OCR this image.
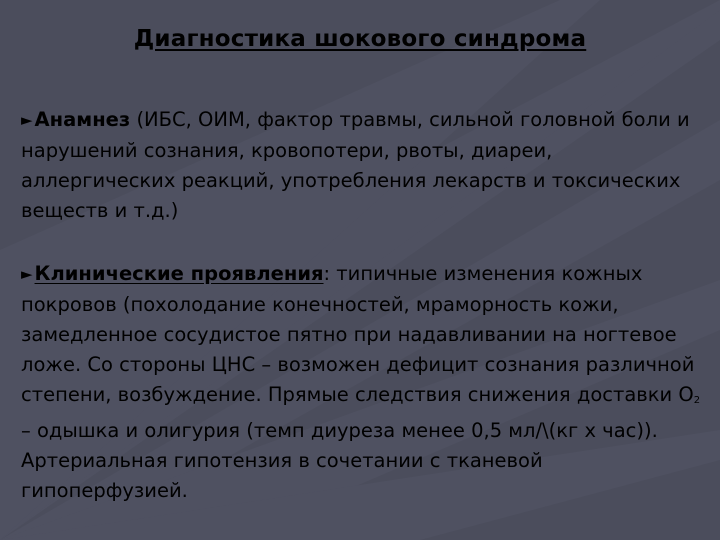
Диагностика шокового синдрома
► Анамнез (ИБС, ОИМ, фактор травмы, сильной головной боли и нарушений сознания, кровопотери, рвоты, диареи, аллергических реакций, употребления лекарств и токсических веществ и т.д.)
► Клинические проявления: типичные изменения кожных покровов (похолодание конечностей, мраморность кожи, замедленное сосудистое пятно при надавливании на ногтевое ложе. Со стороны ЦНС – возможен дефицит сознания различной степени, возбуждение. Прямые следствия снижения доставки $О_2$ – одышка и олигурия (темп диуреза менее 0,5 мл/\(кг х час)). Артериальная гипотензия в сочетании с тканевой гипоперфузией.
